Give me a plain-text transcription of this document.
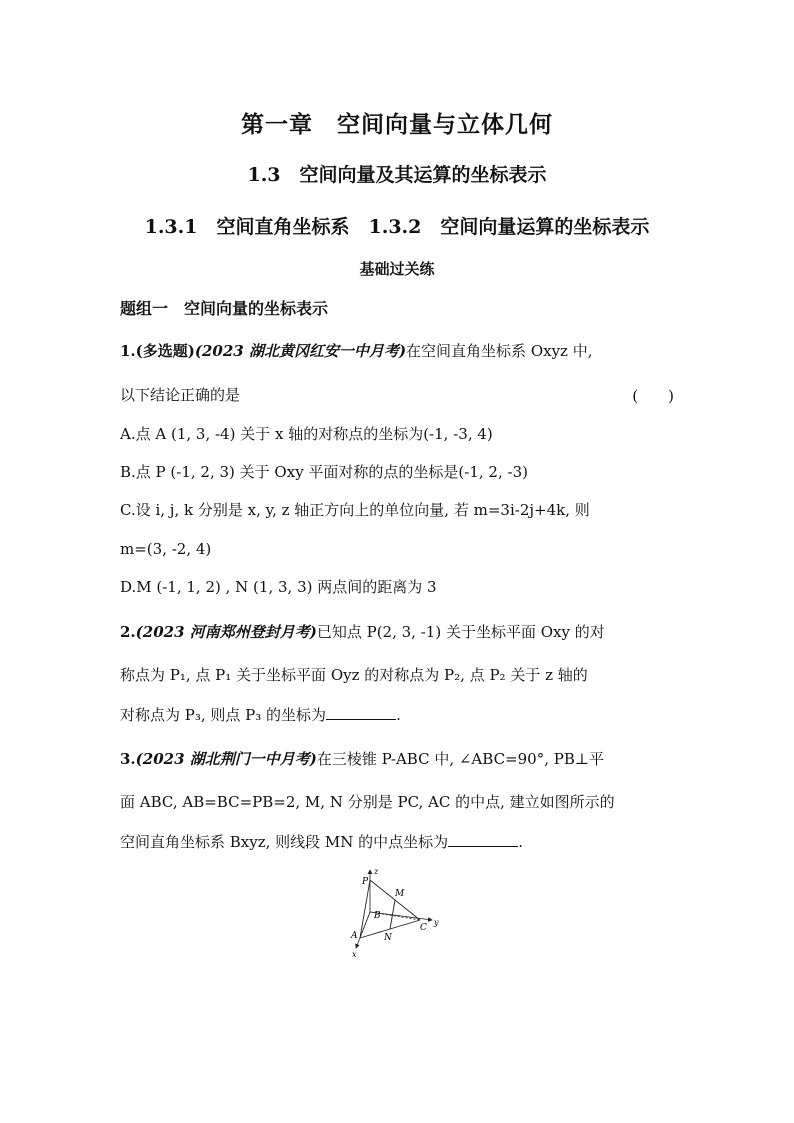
第一章　空间向量与立体几何
1.3　空间向量及其运算的坐标表示
1.3.1　空间直角坐标系　1.3.2　空间向量运算的坐标表示
基础过关练
题组一　空间向量的坐标表示
1.(多选题)(2023 湖北黄冈红安一中月考)在空间直角坐标系 Oxyz 中,
以下结论正确的是	(　　)
A.点 A (1, 3, -4) 关于 x 轴的对称点的坐标为(-1, -3, 4)
B.点 P (-1, 2, 3) 关于 Oxy 平面对称的点的坐标是(-1, 2, -3)
C.设 i, j, k 分别是 x, y, z 轴正方向上的单位向量, 若 m=3i-2j+4k, 则
m=(3, -2, 4)
D.M (-1, 1, 2) , N (1, 3, 3) 两点间的距离为 3
2.(2023 河南郑州登封月考)已知点 P(2, 3, -1) 关于坐标平面 Oxy 的对
称点为 P₁, 点 P₁ 关于坐标平面 Oyz 的对称点为 P₂, 点 P₂ 关于 z 轴的
对称点为 P₃, 则点 P₃ 的坐标为	.
3.(2023 湖北荆门一中月考)在三棱锥 P-ABC 中, ∠ABC=90°, PB⊥平
面 ABC, AB=BC=PB=2, M, N 分别是 PC, AC 的中点, 建立如图所示的
空间直角坐标系 Bxyz, 则线段 MN 的中点坐标为	.
z
P
M
B
A	N
C
y
x
